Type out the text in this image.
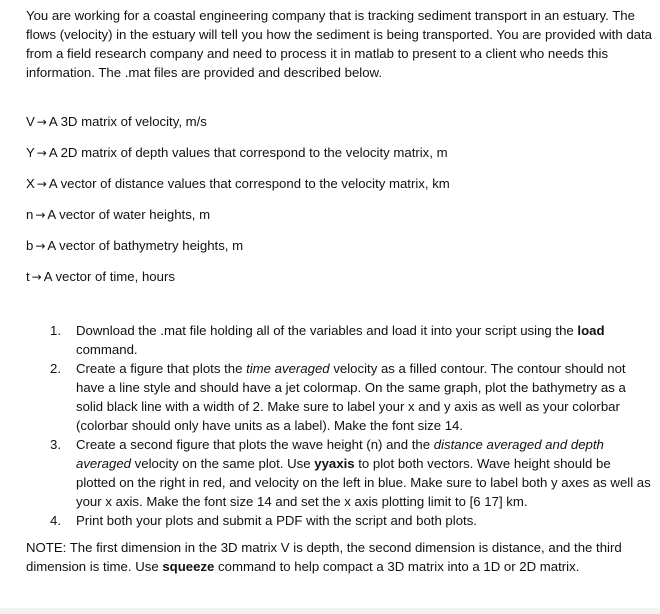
You are working for a coastal engineering company that is tracking sediment transport in an estuary. The flows (velocity) in the estuary will tell you how the sediment is being transported. You are provided with data from a field research company and need to process it in matlab to present to a client who needs this information. The .mat files are provided and described below.

V → A 3D matrix of velocity, m/s
Y → A 2D matrix of depth values that correspond to the velocity matrix, m
X → A vector of distance values that correspond to the velocity matrix, km
n → A vector of water heights, m
b → A vector of bathymetry heights, m
t → A vector of time, hours
1. Download the .mat file holding all of the variables and load it into your script using the load command.
2. Create a figure that plots the time averaged velocity as a filled contour. The contour should not have a line style and should have a jet colormap. On the same graph, plot the bathymetry as a solid black line with a width of 2. Make sure to label your x and y axis as well as your colorbar (colorbar should only have units as a label). Make the font size 14.
3. Create a second figure that plots the wave height (n) and the distance averaged and depth averaged velocity on the same plot. Use yyaxis to plot both vectors. Wave height should be plotted on the right in red, and velocity on the left in blue. Make sure to label both y axes as well as your x axis. Make the font size 14 and set the x axis plotting limit to [6 17] km.
4. Print both your plots and submit a PDF with the script and both plots.

NOTE: The first dimension in the 3D matrix V is depth, the second dimension is distance, and the third dimension is time. Use squeeze command to help compact a 3D matrix into a 1D or 2D matrix.
